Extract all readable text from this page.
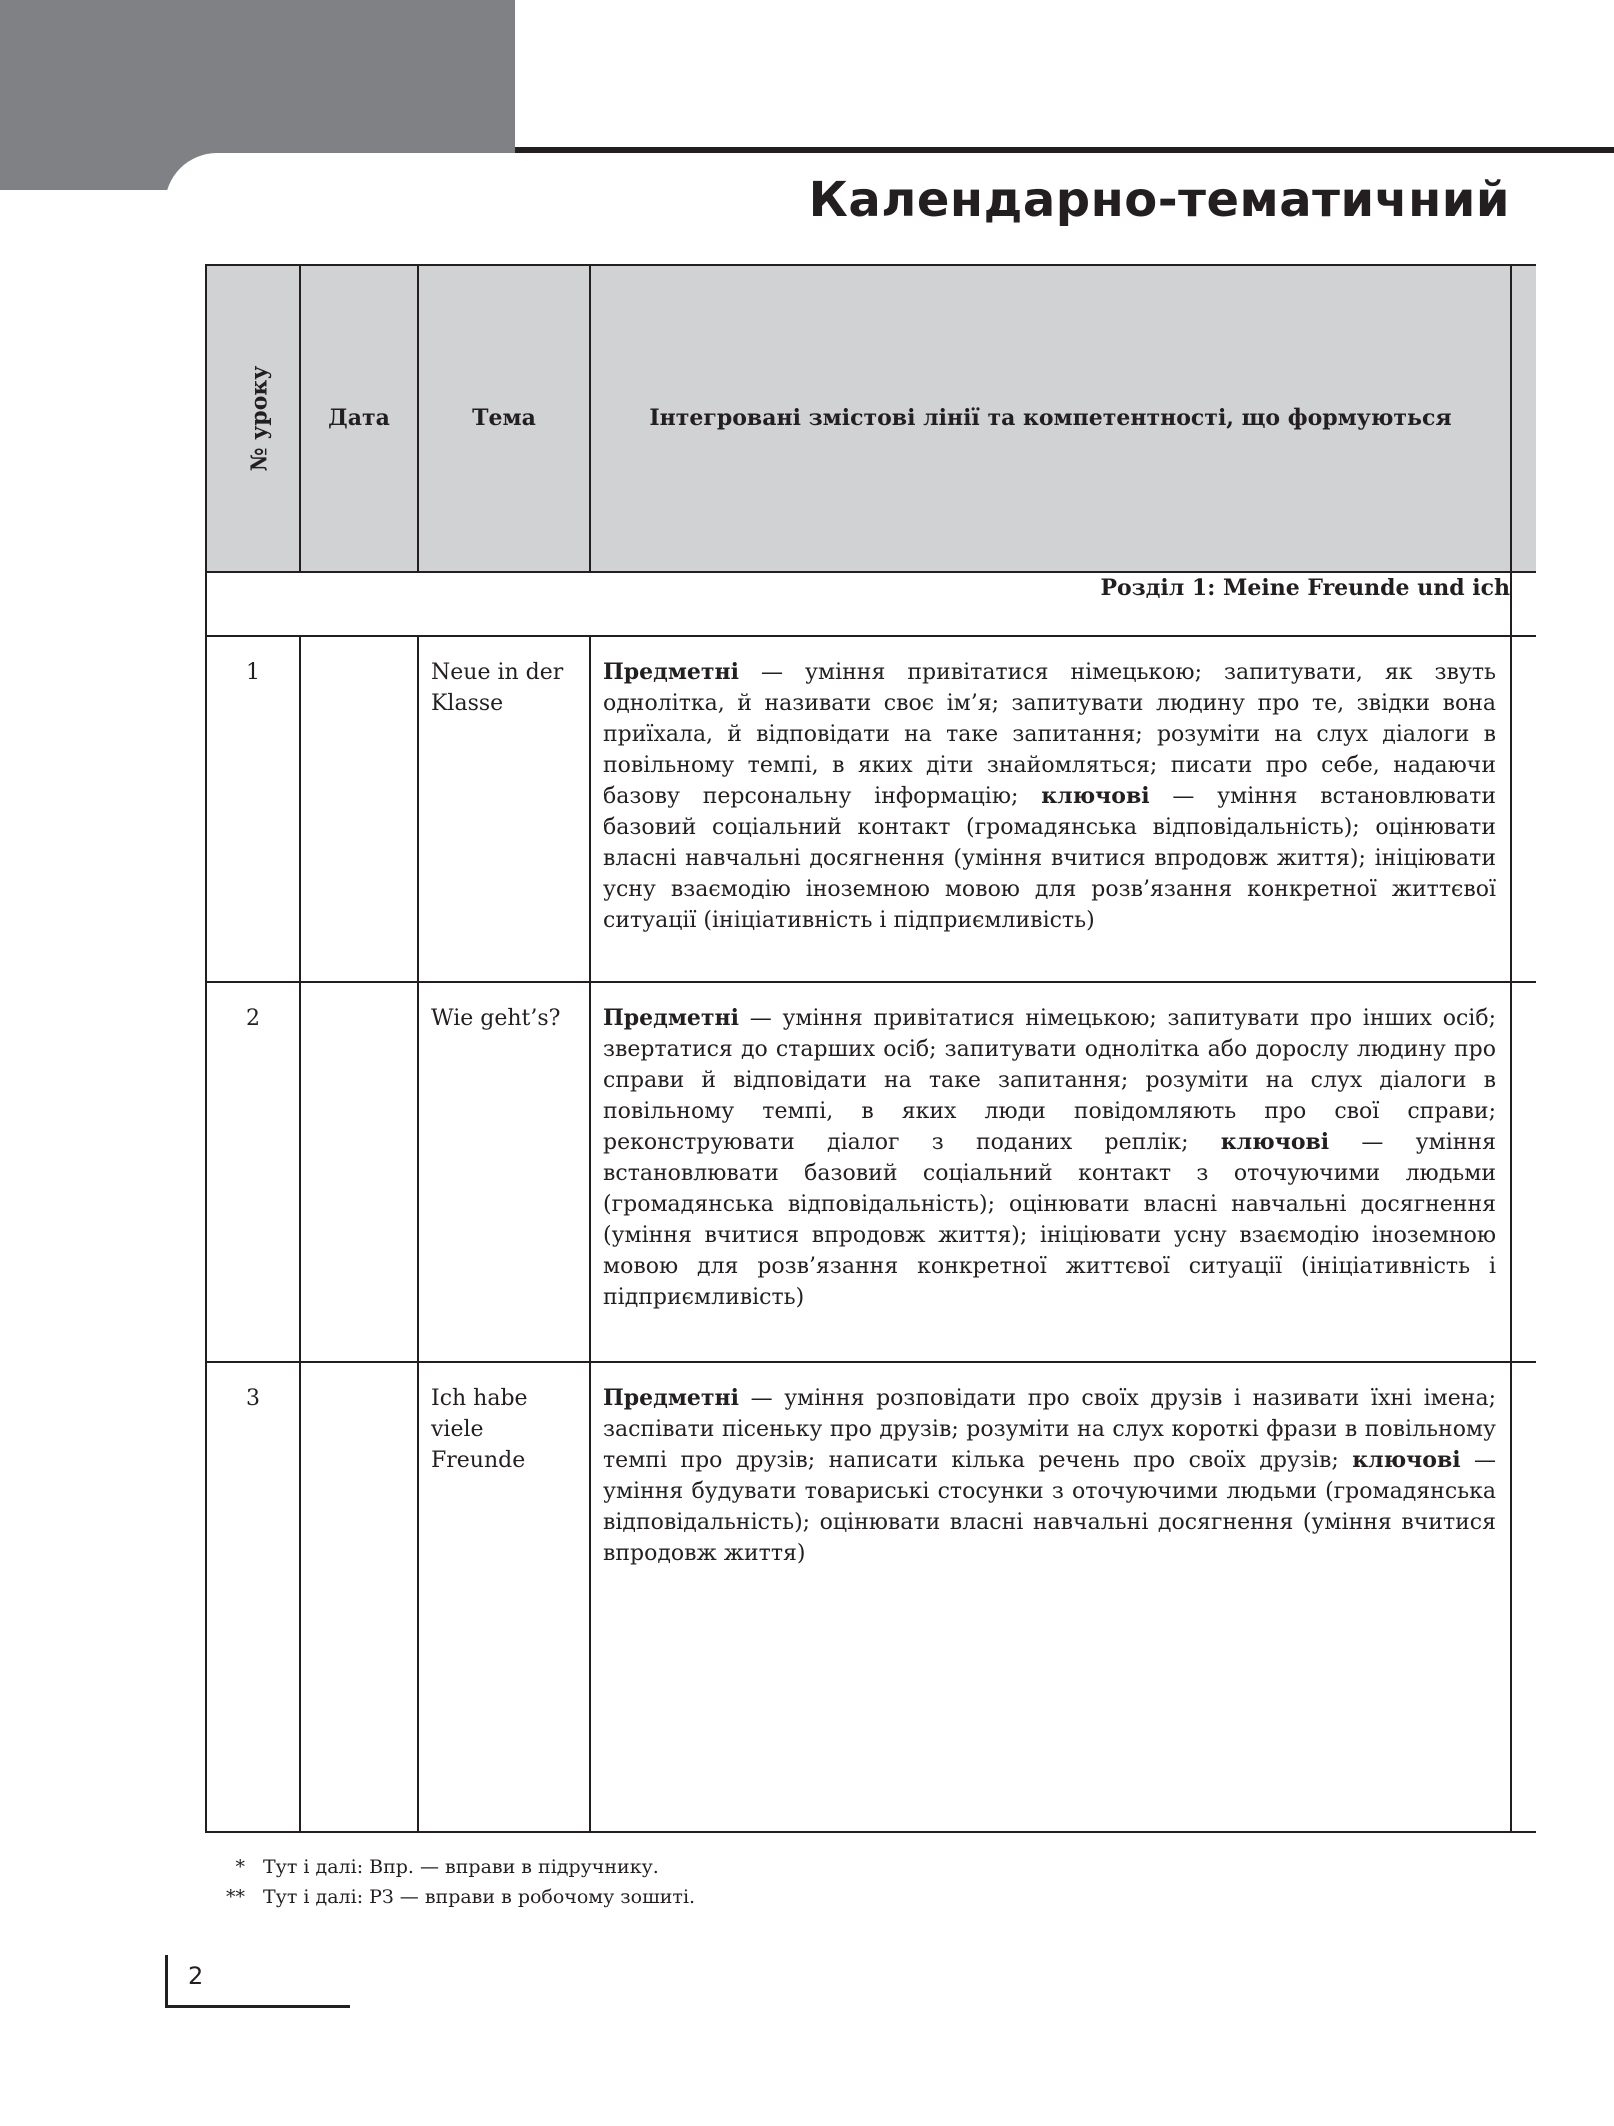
Календарно-тематичний
№ уроку	Дата	Тема	Інтегровані змістові лінії та компетентності, що формуються	
Розділ 1: Meine Freunde und ich				
1		Neue in der Klasse	Предметні — уміння привітатися німецькою; запитувати, як звуть однолітка, й називати своє ім’я; запитувати людину про те, звідки вона приїхала, й відповідати на таке запитання; розуміти на слух діалоги в повільному темпі, в яких діти знайомляться; писати про себе, надаючи базову персональну інформацію; ключові — уміння встановлювати базовий соціальний контакт (громадянська відповідальність); оцінювати власні навчальні досягнення (уміння вчитися впродовж життя); ініціювати усну взаємодію іноземною мовою для розв’язання конкретної життєвої ситуації (ініціативність і підприємливість)	
2		Wie geht’s?	Предметні — уміння привітатися німецькою; запитувати про інших осіб; звертатися до старших осіб; запитувати однолітка або дорослу людину про справи й відповідати на таке запитання; розуміти на слух діалоги в повільному темпі, в яких люди повідомляють про свої справи; реконструювати діалог з поданих реплік; ключові — уміння встановлювати базовий соціальний контакт з оточуючими людьми (громадянська відповідальність); оцінювати власні навчальні досягнення (уміння вчитися впродовж життя); ініціювати усну взаємодію іноземною мовою для розв’язання конкретної життєвої ситуації (ініціативність і підприємливість)	
3		Ich habe viele Freunde	Предметні — уміння розповідати про своїх друзів і називати їхні імена; заспівати пісеньку про друзів; розуміти на слух короткі фрази в повільному темпі про друзів; написати кілька речень про своїх друзів; ключові — уміння будувати товариські стосунки з оточуючими людьми (громадянська відповідальність); оцінювати власні навчальні досягнення (уміння вчитися впродовж життя)	
* Тут і далі: Впр. — вправи в підручнику.
** Тут і далі: РЗ — вправи в робочому зошиті.
2
